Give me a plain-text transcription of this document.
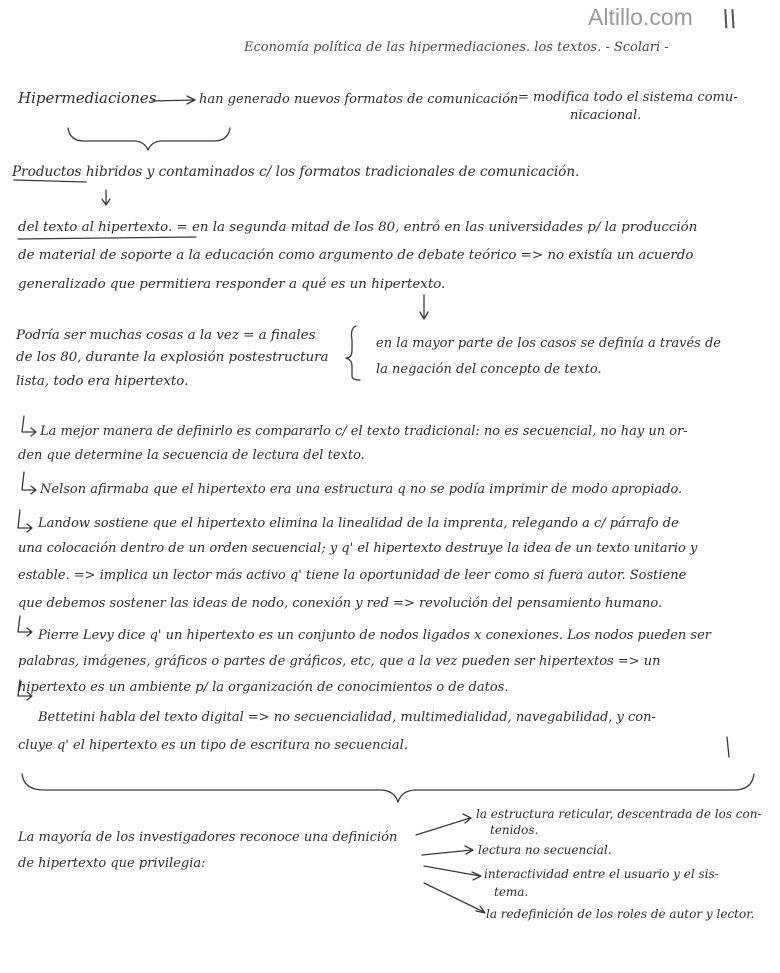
Altillo.com \\
Economía política de las hipermediaciones. los textos. - Scolari -
Hipermediaciones	han generado nuevos formatos de comunicación = modifica todo el sistema comu-
nicacional.
Productos hibridos y contaminados c/ los formatos tradicionales de comunicación.
del texto al hipertexto. = en la segunda mitad de los 80, entró en las universidades p/ la producción
de material de soporte a la educación como argumento de debate teórico => no existía un acuerdo
generalizado que permitiera responder a qué es un hipertexto.
Podría ser muchas cosas a la vez = a finales
de los 80, durante la explosión postestructura
lista, todo era hipertexto.
en la mayor parte de los casos se definía a través de
la negación del concepto de texto.
La mejor manera de definirlo es compararlo c/ el texto tradicional: no es secuencial, no hay un or-
den que determine la secuencia de lectura del texto.
Nelson afirmaba que el hipertexto era una estructura q no se podía imprimir de modo apropiado.
Landow sostiene que el hipertexto elimina la linealidad de la imprenta, relegando a c/ párrafo de
una colocación dentro de un orden secuencial; y q' el hipertexto destruye la idea de un texto unitario y
estable. => implica un lector más activo q' tiene la oportunidad de leer como si fuera autor. Sostiene
que debemos sostener las ideas de nodo, conexión y red => revolución del pensamiento humano.
Pierre Levy dice q' un hipertexto es un conjunto de nodos ligados x conexiones. Los nodos pueden ser
palabras, imágenes, gráficos o partes de gráficos, etc, que a la vez pueden ser hipertextos => un
hipertexto es un ambiente p/ la organización de conocimientos o de datos.
Bettetini habla del texto digital => no secuencialidad, multimedialidad, navegabilidad, y con-
cluye q' el hipertexto es un tipo de escritura no secuencial.
La mayoría de los investigadores reconoce una definición
de hipertexto que privilegia:
la estructura reticular, descentrada de los con-
tenidos.
lectura no secuencial.
interactividad entre el usuario y el sis-
tema.
la redefinición de los roles de autor y lector.
